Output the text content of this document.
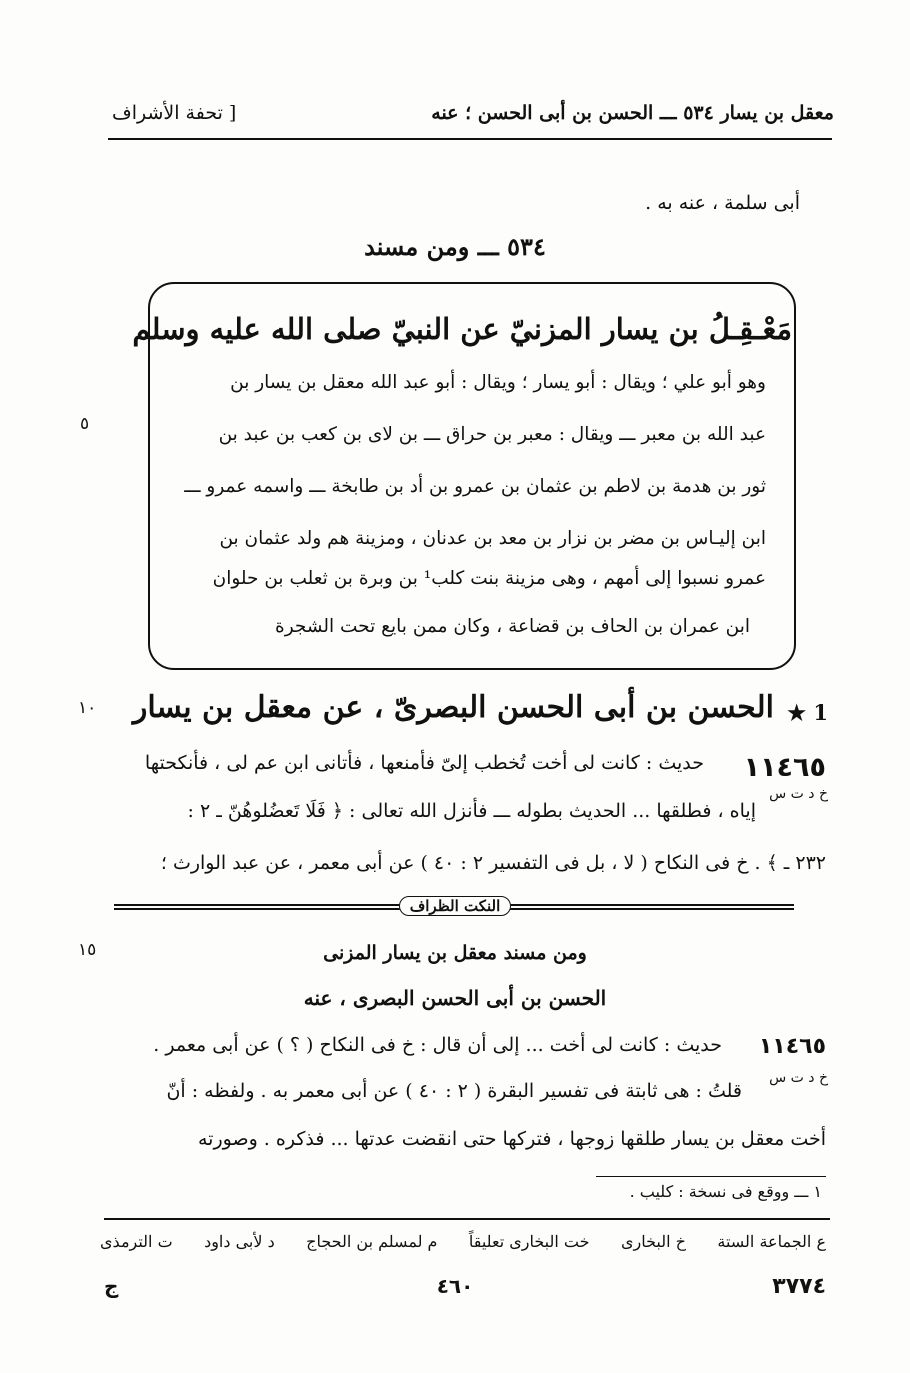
معقل بن يسار ٥٣٤ ـــ الحسن بن أبى الحسن ؛ عنه
[ تحفة الأشراف
أبى سلمة ، عنه به .
٥٣٤ ـــ ومن مسند
مَعْـقِـلُ بن يسار المزنيّ عن النبيّ صلى الله عليه وسلم
وهو أبو علي ؛ ويقال : أبو يسار ؛ ويقال : أبو عبد الله معقل بن يسار بن
عبد الله بن معبر ـــ ويقال : معبر بن حراق ـــ بن لاى بن كعب بن عبد بن
ثور بن هدمة بن لاطم بن عثمان بن عمرو بن أد بن طابخة ـــ واسمه عمرو ـــ
ابن إليـاس بن مضر بن نزار بن معد بن عدنان ، ومزينة هم ولد عثمان بن
عمرو نسبوا إلى أمهم ، وهى مزينة بنت كلب¹ بن وبرة بن ثعلب بن حلوان
ابن عمران بن الحاف بن قضاعة ، وكان ممن بايع تحت الشجرة
٥
١٠
١٥
1 ★
الحسن بن أبى الحسن البصرىّ ، عن معقل بن يسار
١١٤٦٥
خ د ت س
حديث : كانت لى أخت تُخطب إلىّ فأمنعها ، فأتانى ابن عم لى ، فأنكحتها
إياه ، فطلقها ... الحديث بطوله ـــ فأنزل الله تعالى : ﴿ فَلَا تَعضُلوهُنّ ـ ٢ :
٢٣٢ ـ ﴾ . خ فى النكاح ( لا ، بل فى التفسير ٢ : ٤٠ ) عن أبى معمر ، عن عبد الوارث ؛
النكت الظراف
ومن مسند معقل بن يسار المزنى
الحسن بن أبى الحسن البصرى ، عنه
١١٤٦٥
خ د ت س
حديث : كانت لى أخت ... إلى أن قال : خ فى النكاح ( ؟ ) عن أبى معمر .
قلتُ : هى ثابتة فى تفسير البقرة ( ٢ : ٤٠ ) عن أبى معمر به . ولفظه : أنّ
أخت معقل بن يسار طلقها زوجها ، فتركها حتى انقضت عدتها ... فذكره . وصورته
١ ـــ ووقع فى نسخة : كليب .
ع الجماعة الستة
خ البخارى
خت البخارى تعليقاً
م لمسلم بن الحجاج
د لأبى داود
ت الترمذى
٣٧٧٤
٤٦٠
ج
